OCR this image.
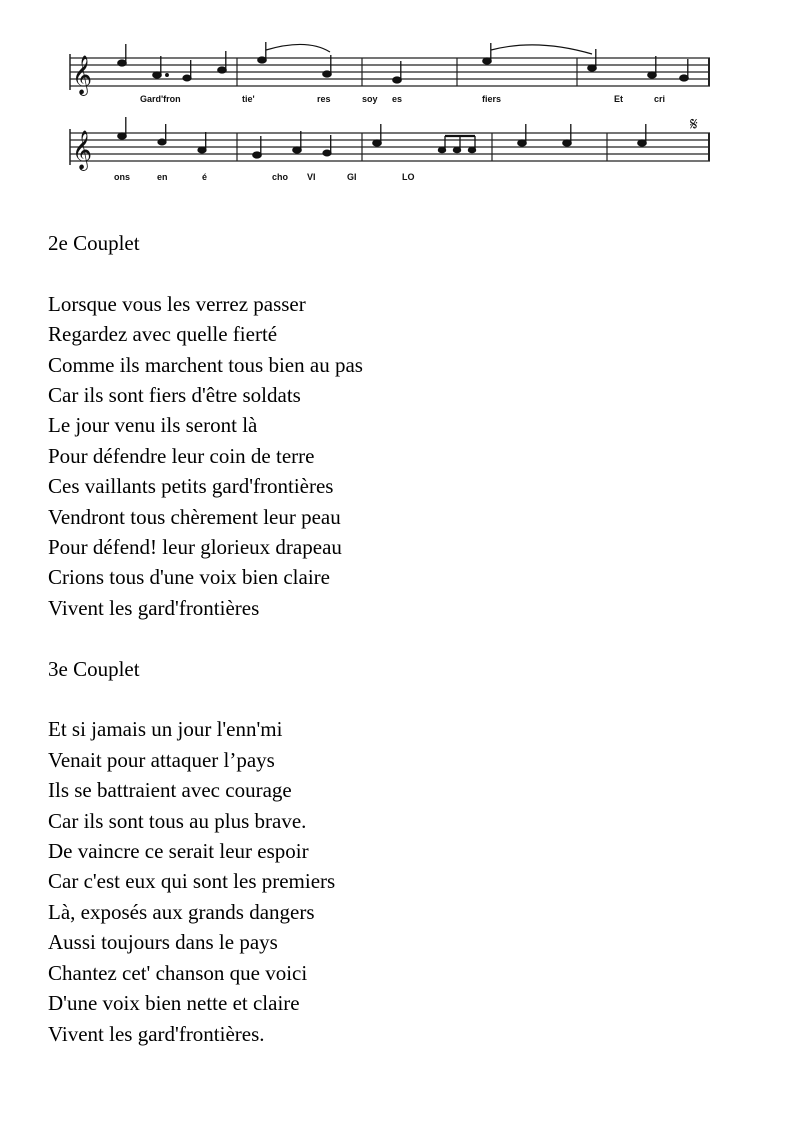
𝄞
Gard'fron	tie'	res	soy es	fiers	Et	cri
𝄞
𝄋
ons	en	é	cho VI	GI	LO
2e Couplet
Lorsque vous les verrez passer
Regardez avec quelle fierté
Comme ils marchent tous bien au pas
Car ils sont fiers d'être soldats
Le jour venu ils seront là
Pour défendre leur coin de terre
Ces vaillants petits gard'frontières
Vendront tous chèrement leur peau
Pour défend! leur glorieux drapeau
Crions tous d'une voix bien claire
Vivent les gard'frontières
3e Couplet
Et si jamais un jour l'enn'mi
Venait pour attaquer l’pays
Ils se battraient avec courage
Car ils sont tous au plus brave.
De vaincre ce serait leur espoir
Car c'est eux qui sont les premiers
Là, exposés aux grands dangers
Aussi toujours dans le pays
Chantez cet' chanson que voici
D'une voix bien nette et claire
Vivent les gard'frontières.
